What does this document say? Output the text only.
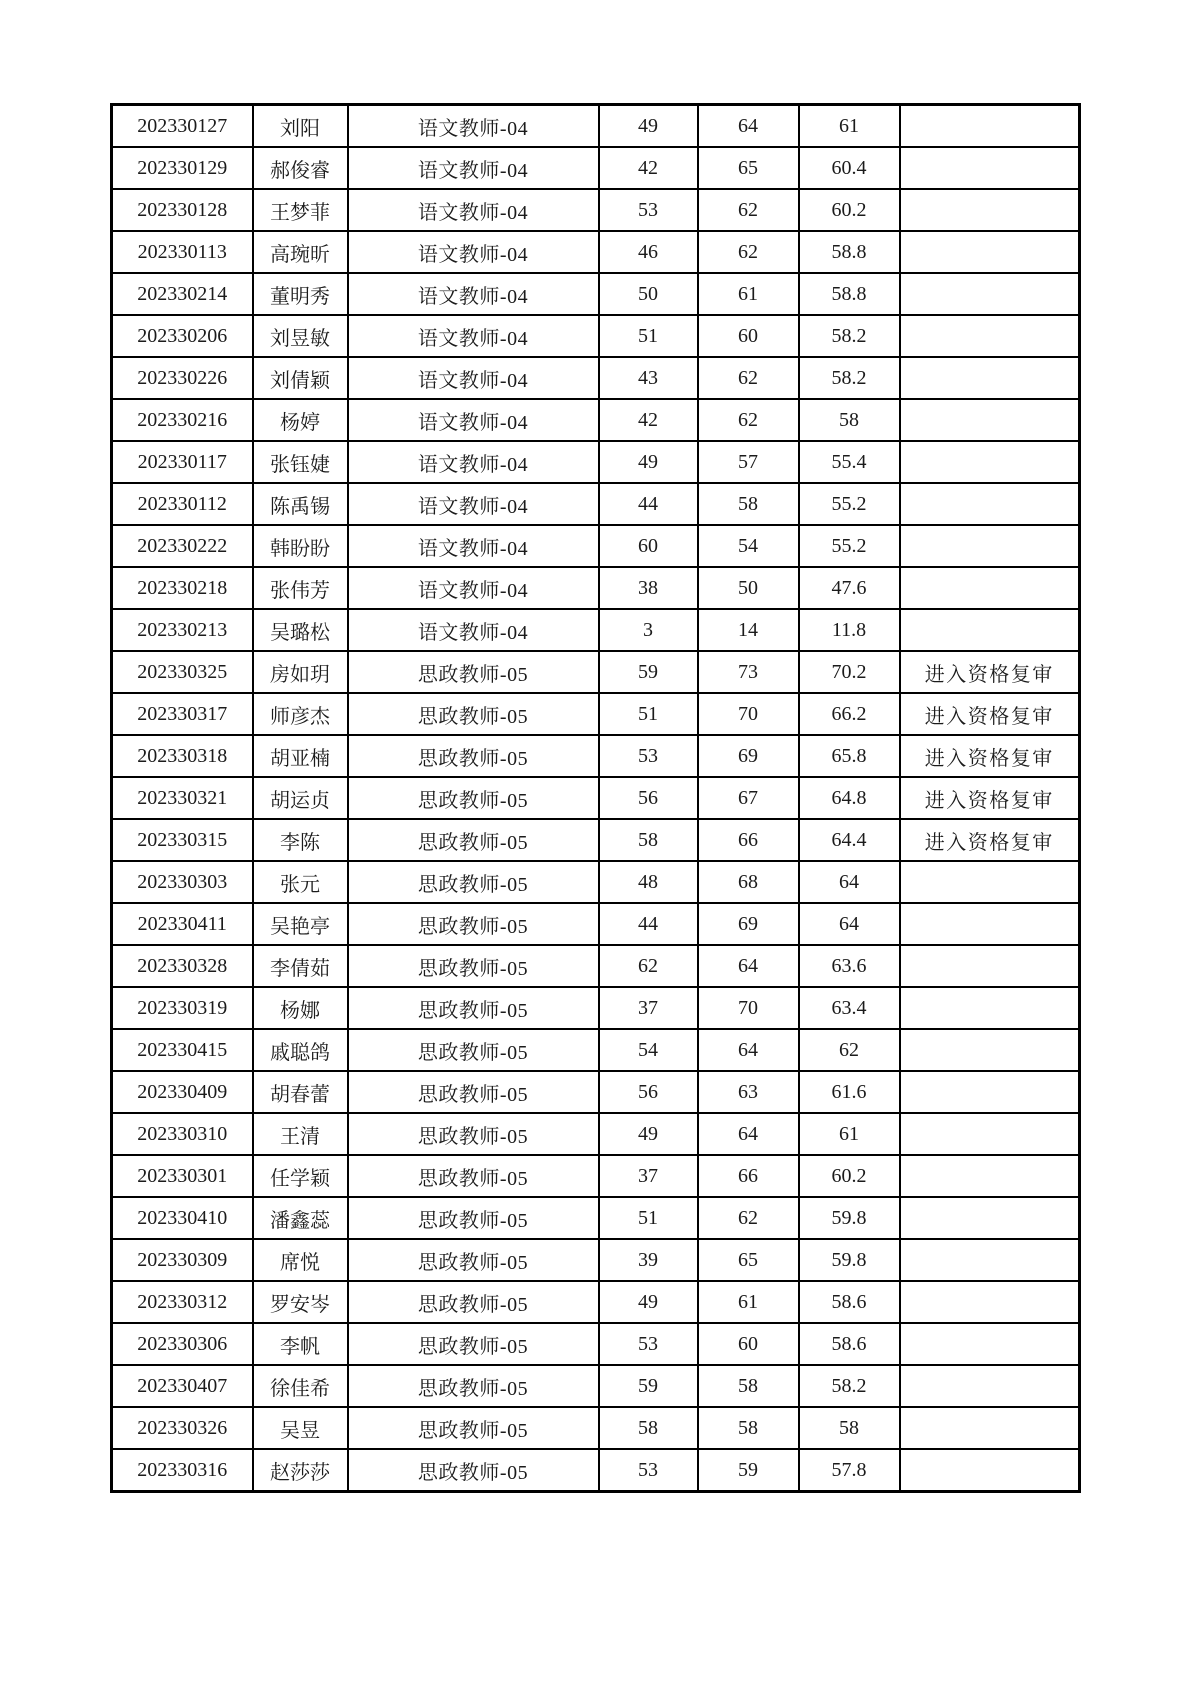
202330127	刘阳	语文教师-04	49	64	61	
202330129	郝俊睿	语文教师-04	42	65	60.4	
202330128	王梦菲	语文教师-04	53	62	60.2	
202330113	高琬昕	语文教师-04	46	62	58.8	
202330214	董明秀	语文教师-04	50	61	58.8	
202330206	刘昱敏	语文教师-04	51	60	58.2	
202330226	刘倩颖	语文教师-04	43	62	58.2	
202330216	杨婷	语文教师-04	42	62	58	
202330117	张钰婕	语文教师-04	49	57	55.4	
202330112	陈禹锡	语文教师-04	44	58	55.2	
202330222	韩盼盼	语文教师-04	60	54	55.2	
202330218	张伟芳	语文教师-04	38	50	47.6	
202330213	吴璐松	语文教师-04	3	14	11.8	
202330325	房如玥	思政教师-05	59	73	70.2	进入资格复审
202330317	师彦杰	思政教师-05	51	70	66.2	进入资格复审
202330318	胡亚楠	思政教师-05	53	69	65.8	进入资格复审
202330321	胡运贞	思政教师-05	56	67	64.8	进入资格复审
202330315	李陈	思政教师-05	58	66	64.4	进入资格复审
202330303	张元	思政教师-05	48	68	64	
202330411	吴艳亭	思政教师-05	44	69	64	
202330328	李倩茹	思政教师-05	62	64	63.6	
202330319	杨娜	思政教师-05	37	70	63.4	
202330415	戚聪鸽	思政教师-05	54	64	62	
202330409	胡春蕾	思政教师-05	56	63	61.6	
202330310	王清	思政教师-05	49	64	61	
202330301	任学颖	思政教师-05	37	66	60.2	
202330410	潘鑫蕊	思政教师-05	51	62	59.8	
202330309	席悦	思政教师-05	39	65	59.8	
202330312	罗安岑	思政教师-05	49	61	58.6	
202330306	李帆	思政教师-05	53	60	58.6	
202330407	徐佳希	思政教师-05	59	58	58.2	
202330326	吴昱	思政教师-05	58	58	58	
202330316	赵莎莎	思政教师-05	53	59	57.8	
